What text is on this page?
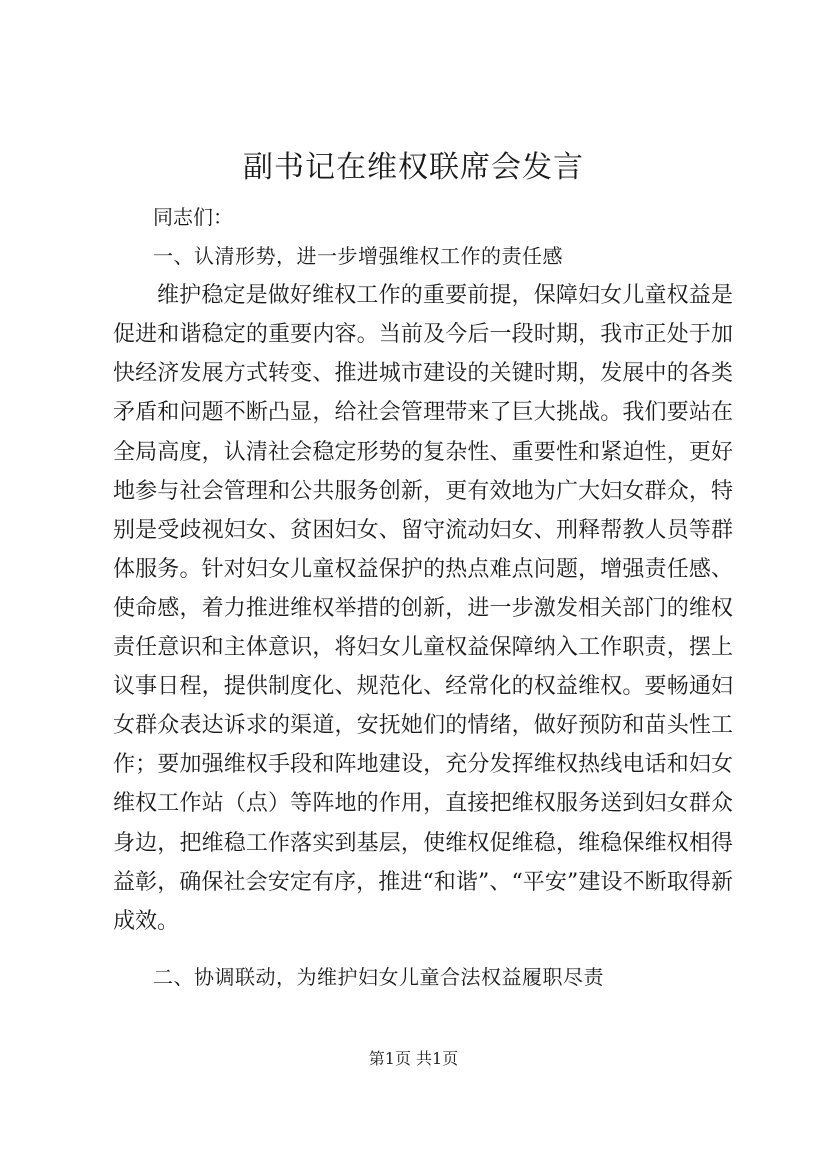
副书记在维权联席会发言
同志们：
一、认清形势，进一步增强维权工作的责任感

维护稳定是做好维权工作的重要前提，保障妇女儿童权益是促进和谐稳定的重要内容。当前及今后一段时期，我市正处于加快经济发展方式转变、推进城市建设的关键时期，发展中的各类矛盾和问题不断凸显，给社会管理带来了巨大挑战。我们要站在全局高度，认清社会稳定形势的复杂性、重要性和紧迫性，更好地参与社会管理和公共服务创新，更有效地为广大妇女群众，特别是受歧视妇女、贫困妇女、留守流动妇女、刑释帮教人员等群体服务。针对妇女儿童权益保护的热点难点问题，增强责任感、使命感，着力推进维权举措的创新，进一步激发相关部门的维权责任意识和主体意识，将妇女儿童权益保障纳入工作职责，摆上议事日程，提供制度化、规范化、经常化的权益维权。要畅通妇女群众表达诉求的渠道，安抚她们的情绪，做好预防和苗头性工作；要加强维权手段和阵地建设，充分发挥维权热线电话和妇女维权工作站（点）等阵地的作用，直接把维权服务送到妇女群众身边，把维稳工作落实到基层，使维权促维稳，维稳保维权相得益彰，确保社会安定有序，推进“和谐”、“平安”建设不断取得新成效。

二、协调联动，为维护妇女儿童合法权益履职尽责
第1页 共1页
